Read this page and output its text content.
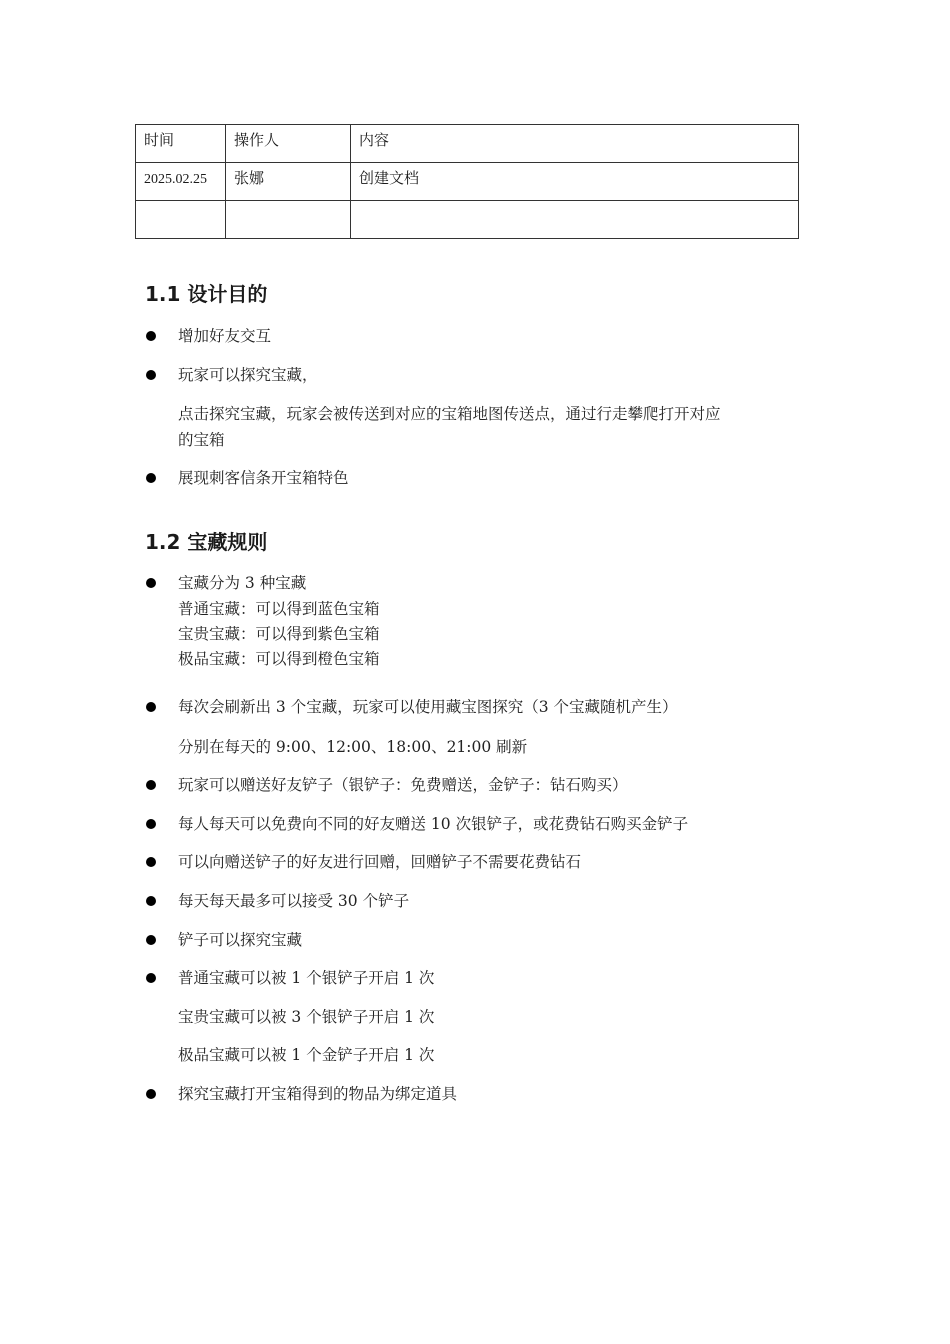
时间	操作人	内容
2025.02.25	张娜	创建文档

1.1 设计目的
增加好友交互
玩家可以探究宝藏，
点击探究宝藏，玩家会被传送到对应的宝箱地图传送点，通过行走攀爬打开对应
的宝箱
展现刺客信条开宝箱特色
1.2 宝藏规则
宝藏分为 3 种宝藏
普通宝藏：可以得到蓝色宝箱
宝贵宝藏：可以得到紫色宝箱
极品宝藏：可以得到橙色宝箱
每次会刷新出 3 个宝藏，玩家可以使用藏宝图探究（3 个宝藏随机产生）
分别在每天的 9:00、12:00、18:00、21:00 刷新
玩家可以赠送好友铲子（银铲子：免费赠送，金铲子：钻石购买）
每人每天可以免费向不同的好友赠送 10 次银铲子，或花费钻石购买金铲子
可以向赠送铲子的好友进行回赠，回赠铲子不需要花费钻石
每天每天最多可以接受 30 个铲子
铲子可以探究宝藏
普通宝藏可以被 1 个银铲子开启 1 次
宝贵宝藏可以被 3 个银铲子开启 1 次
极品宝藏可以被 1 个金铲子开启 1 次
探究宝藏打开宝箱得到的物品为绑定道具
